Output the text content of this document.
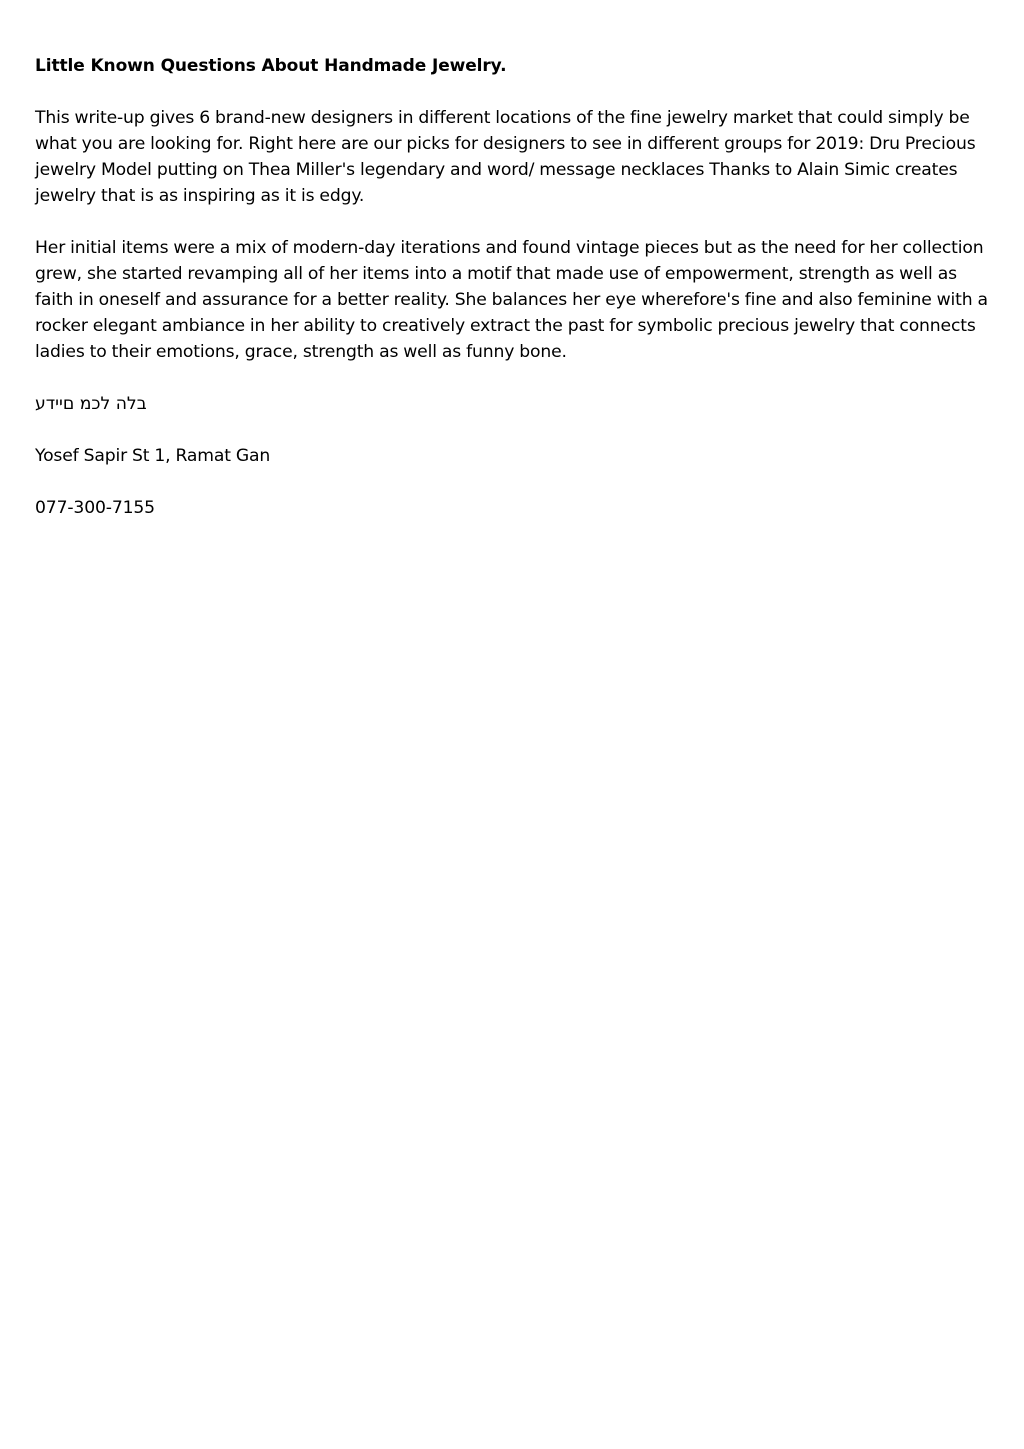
Little Known Questions About Handmade Jewelry.

This write-up gives 6 brand-new designers in different locations of the fine jewelry market that could simply be what you are looking for. Right here are our picks for designers to see in different groups for 2019: Dru Precious jewelry Model putting on Thea Miller's legendary and word/ message necklaces Thanks to Alain Simic creates jewelry that is as inspiring as it is edgy.

Her initial items were a mix of modern-day iterations and found vintage pieces but as the need for her collection grew, she started revamping all of her items into a motif that made use of empowerment, strength as well as faith in oneself and assurance for a better reality. She balances her eye wherefore's fine and also feminine with a rocker elegant ambiance in her ability to creatively extract the past for symbolic precious jewelry that connects ladies to their emotions, grace, strength as well as funny bone.

בלה לכמ םיידע

Yosef Sapir St 1, Ramat Gan

077-300-7155
